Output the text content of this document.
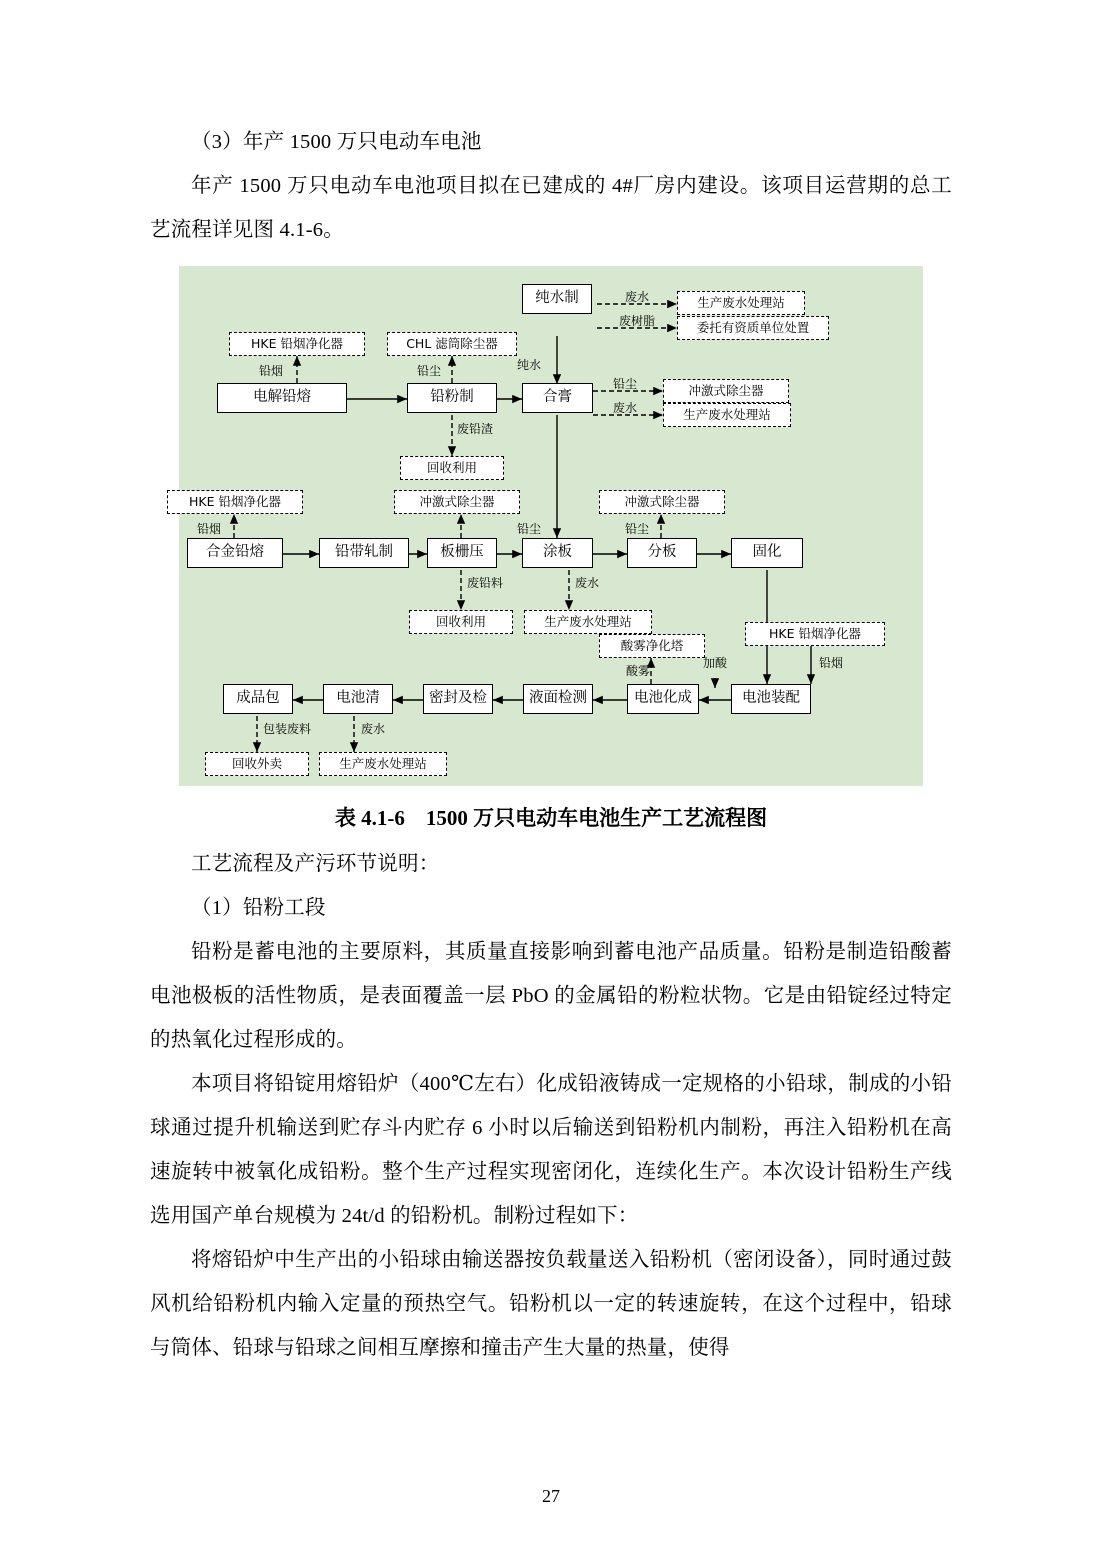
（3）年产 1500 万只电动车电池

年产 1500 万只电动车电池项目拟在已建成的 4#厂房内建设。该项目运营期的总工艺流程详见图 4.1-6。

纯水制	废水	生产废水处理站
废树脂	委托有资质单位处置
纯水
HKE 铅烟净化器
铅烟
CHL 滤筒除尘器
铅尘
电解铅熔	铅粉制	合膏
废铅渣
回收利用
铅尘	冲激式除尘器
废水	生产废水处理站
HKE 铅烟净化器
铅烟
冲激式除尘器	冲激式除尘器
铅尘	铅尘
合金铅熔	铅带轧制	板栅压	涂板	分板	固化
废铅料	废水
回收利用	生产废水处理站
HKE 铅烟净化器
铅烟
酸雾净化塔
酸雾
加酸
电池装配
电池化成
液面检测
密封及检
电池清
成品包
包装废料	废水
回收外卖	生产废水处理站
表 4.1-6　1500 万只电动车电池生产工艺流程图

工艺流程及产污环节说明：

（1）铅粉工段

铅粉是蓄电池的主要原料，其质量直接影响到蓄电池产品质量。铅粉是制造铅酸蓄电池极板的活性物质，是表面覆盖一层 PbO 的金属铅的粉粒状物。它是由铅锭经过特定的热氧化过程形成的。

本项目将铅锭用熔铅炉（400℃左右）化成铅液铸成一定规格的小铅球，制成的小铅球通过提升机输送到贮存斗内贮存 6 小时以后输送到铅粉机内制粉，再注入铅粉机在高速旋转中被氧化成铅粉。整个生产过程实现密闭化，连续化生产。本次设计铅粉生产线选用国产单台规模为 24t/d 的铅粉机。制粉过程如下：

将熔铅炉中生产出的小铅球由输送器按负载量送入铅粉机（密闭设备），同时通过鼓风机给铅粉机内输入定量的预热空气。铅粉机以一定的转速旋转，在这个过程中，铅球与筒体、铅球与铅球之间相互摩擦和撞击产生大量的热量，使得

27
